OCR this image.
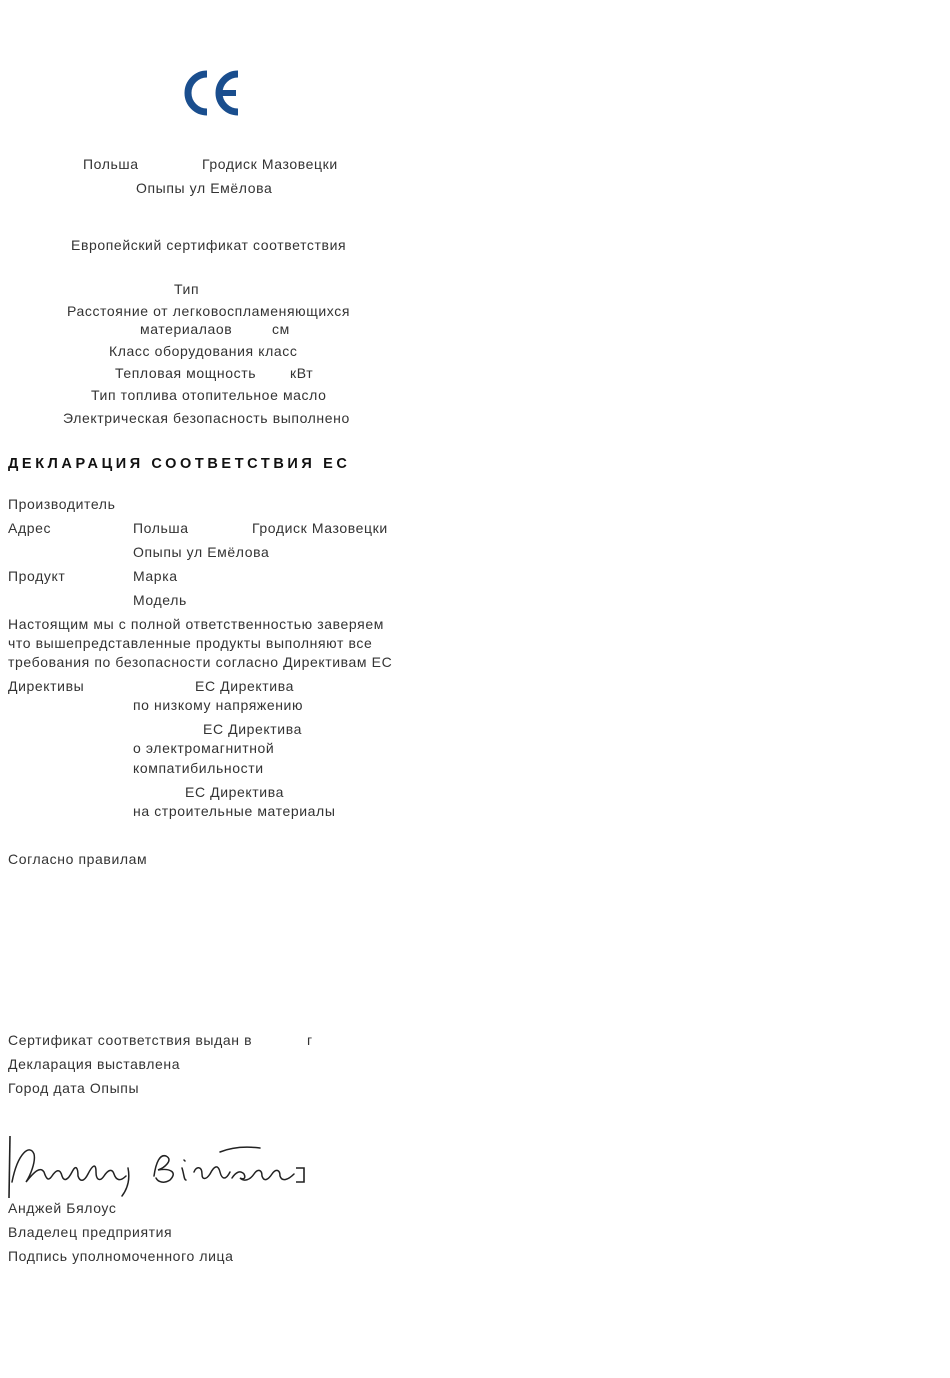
Польша	Гродиск Мазовецки
Опыпы ул Емёлова
Европейский сертификат соответствия
Тип
Расстояние от легковоспламеняющихся
материалаов	см
Класс оборудования класс
Тепловая мощность кВт
Тип топлива отопительное масло
Электрическая безопасность выполнено
ДЕКЛАРАЦИЯ СООТВЕТСТВИЯ ЕС
Производитель
Адрес	Польша	Гродиск Мазовецки
Опыпы ул Емёлова
Продукт	Марка
Модель
Настоящим мы с полной ответственностью заверяем
что вышепредставленные продукты выполняют все
требования по безопасности согласно Директивам ЕС
Директивы	ЕС Директива
по низкому напряжению
ЕС Директива
о электромагнитной
компатибильности
ЕС Директива
на строительные материалы
Согласно правилам
Сертификат соответствия выдан в	г
Декларация выставлена
Город дата Опыпы
Andrzej Białous
Анджей Бялоус
Владелец предприятия
Подпись уполномоченного лица
